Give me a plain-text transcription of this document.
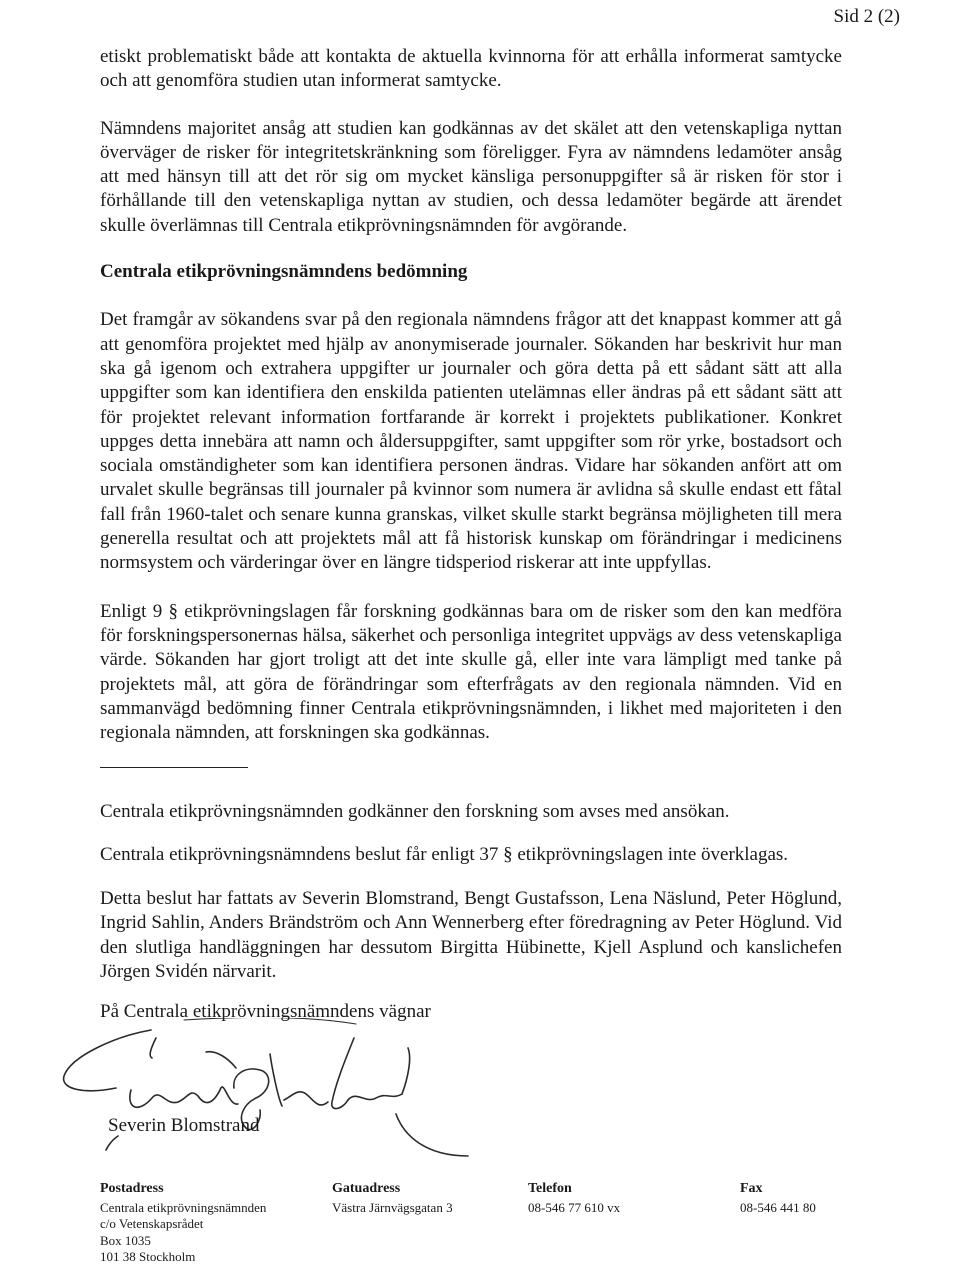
Sid 2 (2)

etiskt problematiskt både att kontakta de aktuella kvinnorna för att erhålla informerat samtycke och att genomföra studien utan informerat samtycke.

Nämndens majoritet ansåg att studien kan godkännas av det skälet att den vetenskapliga nyttan överväger de risker för integritetskränkning som föreligger. Fyra av nämndens ledamöter ansåg att med hänsyn till att det rör sig om mycket känsliga personuppgifter så är risken för stor i förhållande till den vetenskapliga nyttan av studien, och dessa ledamöter begärde att ärendet skulle överlämnas till Centrala etikprövningsnämnden för avgörande.

Centrala etikprövningsnämndens bedömning

Det framgår av sökandens svar på den regionala nämndens frågor att det knappast kommer att gå att genomföra projektet med hjälp av anonymiserade journaler. Sökanden har beskrivit hur man ska gå igenom och extrahera uppgifter ur journaler och göra detta på ett sådant sätt att alla uppgifter som kan identifiera den enskilda patienten utelämnas eller ändras på ett sådant sätt att för projektet relevant information fortfarande är korrekt i projektets publikationer. Konkret uppges detta innebära att namn och åldersuppgifter, samt uppgifter som rör yrke, bostadsort och sociala omständigheter som kan identifiera personen ändras. Vidare har sökanden anfört att om urvalet skulle begränsas till journaler på kvinnor som numera är avlidna så skulle endast ett fåtal fall från 1960-talet och senare kunna granskas, vilket skulle starkt begränsa möjligheten till mera generella resultat och att projektets mål att få historisk kunskap om förändringar i medicinens normsystem och värderingar över en längre tidsperiod riskerar att inte uppfyllas.

Enligt 9 § etikprövningslagen får forskning godkännas bara om de risker som den kan medföra för forskningspersonernas hälsa, säkerhet och personliga integritet uppvägs av dess vetenskapliga värde. Sökanden har gjort troligt att det inte skulle gå, eller inte vara lämpligt med tanke på projektets mål, att göra de förändringar som efterfrågats av den regionala nämnden. Vid en sammanvägd bedömning finner Centrala etikprövningsnämnden, i likhet med majoriteten i den regionala nämnden, att forskningen ska godkännas.

Centrala etikprövningsnämnden godkänner den forskning som avses med ansökan.

Centrala etikprövningsnämndens beslut får enligt 37 § etikprövningslagen inte överklagas.

Detta beslut har fattats av Severin Blomstrand, Bengt Gustafsson, Lena Näslund, Peter Höglund, Ingrid Sahlin, Anders Brändström och Ann Wennerberg efter föredragning av Peter Höglund. Vid den slutliga handläggningen har dessutom Birgitta Hübinette, Kjell Asplund och kanslichefen Jörgen Svidén närvarit.

På Centrala etikprövningsnämndens vägnar
Severin Blomstrand
Postadress
Centrala etikprövningsnämnden
c/o Vetenskapsrådet
Box 1035
101 38 Stockholm
Gatuadress
Västra Järnvägsgatan 3
Telefon
08-546 77 610 vx
Fax
08-546 441 80
